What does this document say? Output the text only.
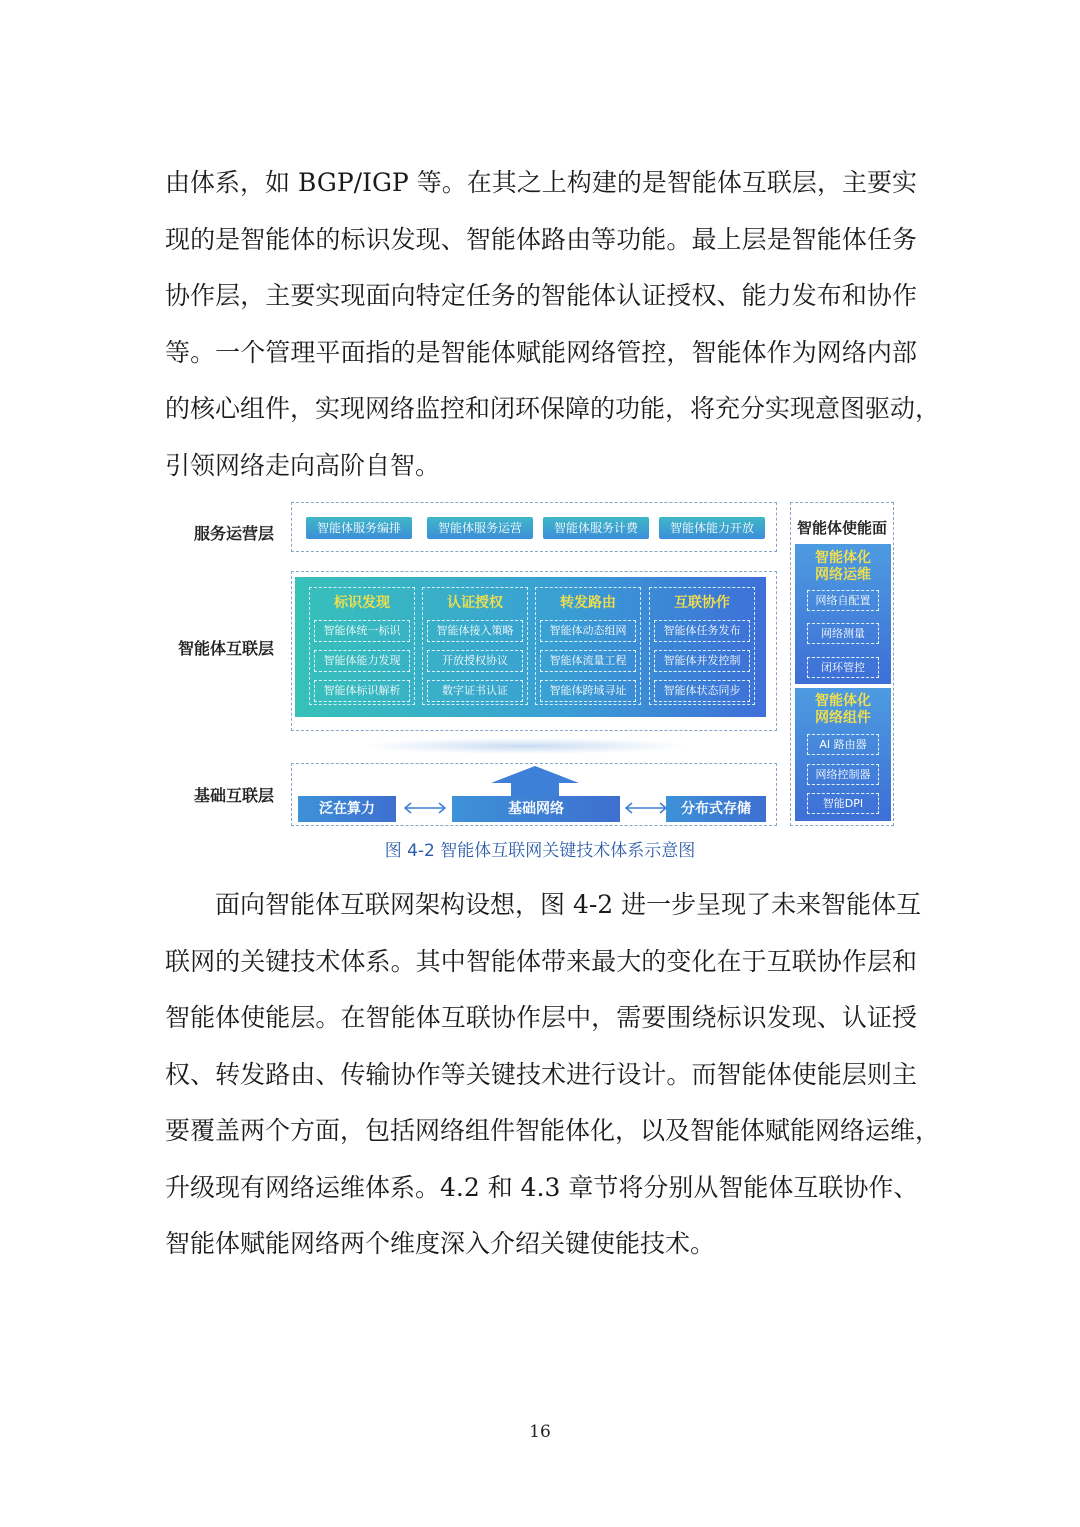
由体系，如 BGP/IGP 等。在其之上构建的是智能体互联层，主要实
现的是智能体的标识发现、智能体路由等功能。最上层是智能体任务
协作层，主要实现面向特定任务的智能体认证授权、能力发布和协作
等。一个管理平面指的是智能体赋能网络管控，智能体作为网络内部
的核心组件，实现网络监控和闭环保障的功能，将充分实现意图驱动，
引领网络走向高阶自智。
服务运营层
智能体互联层
基础互联层
智能体服务编排	智能体服务运营	智能体服务计费	智能体能力开放
标识发现
智能体统一标识
智能体能力发现
智能体标识解析
认证授权
智能体接入策略
开放授权协议
数字证书认证
转发路由
智能体动态组网
智能体流量工程
智能体跨域寻址
互联协作
智能体任务发布
智能体并发控制
智能体状态同步
泛在算力	基础网络	分布式存储
智能体使能面
智能体化
网络运维
网络自配置
网络测量
闭环管控
智能体化
网络组件
AI 路由器
网络控制器
智能DPI
图 4-2 智能体互联网关键技术体系示意图
面向智能体互联网架构设想，图 4-2 进一步呈现了未来智能体互
联网的关键技术体系。其中智能体带来最大的变化在于互联协作层和
智能体使能层。在智能体互联协作层中，需要围绕标识发现、认证授
权、转发路由、传输协作等关键技术进行设计。而智能体使能层则主
要覆盖两个方面，包括网络组件智能体化，以及智能体赋能网络运维，
升级现有网络运维体系。4.2 和 4.3 章节将分别从智能体互联协作、
智能体赋能网络两个维度深入介绍关键使能技术。
16
